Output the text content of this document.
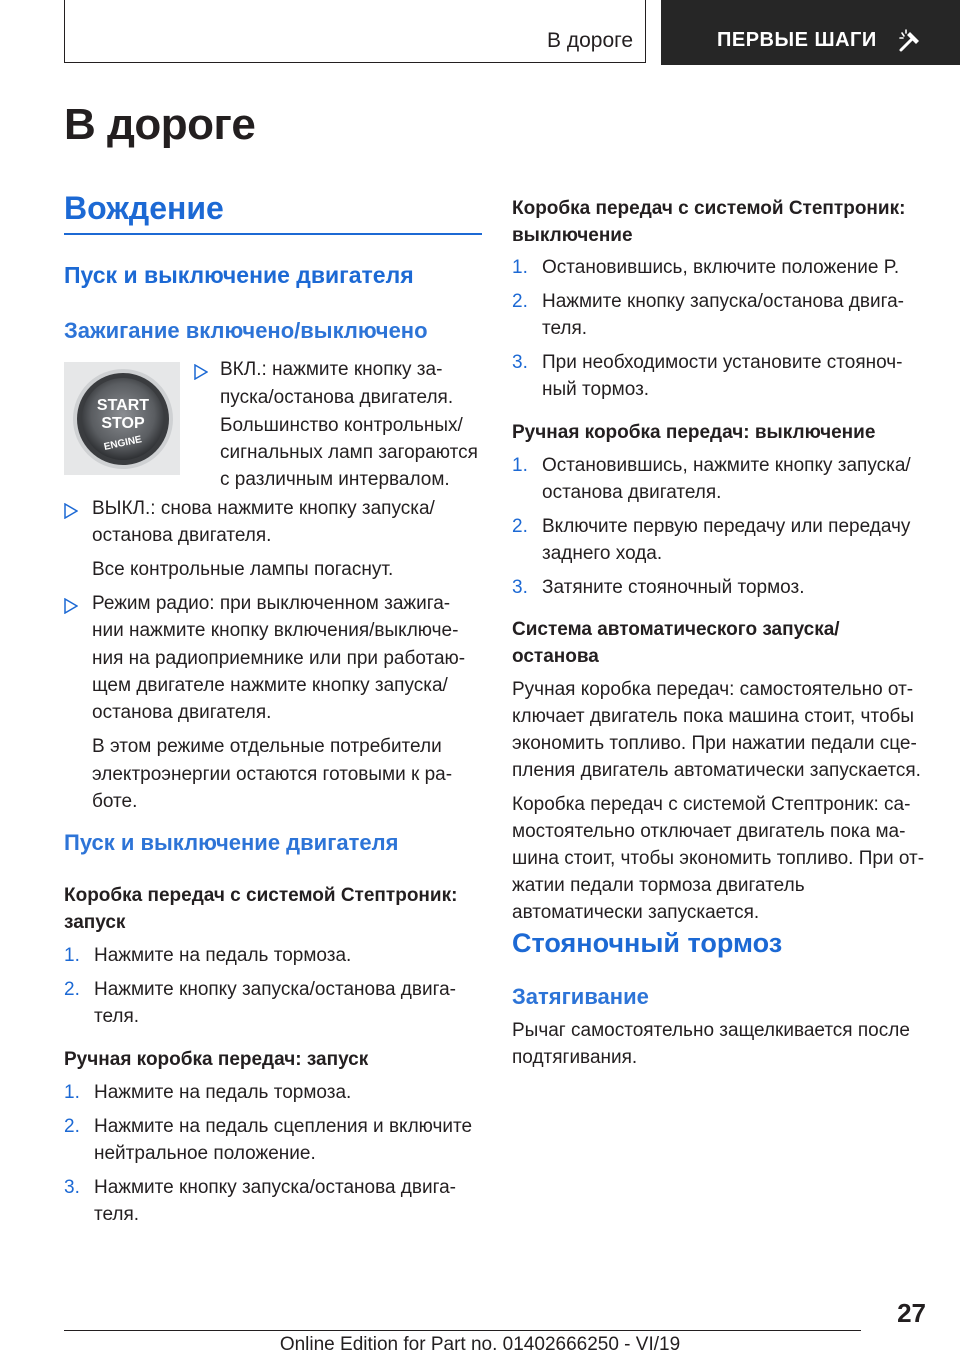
В дороге	ПЕРВЫЕ ШАГИ
В дороге
Вождение
Пуск и выключение двигателя
Зажигание включено/выключено
START
STOP
ENGINE

ВКЛ.: нажмите кнопку за-

пуска/останова двигателя.

Большинство контрольных/

сигнальных ламп загораются

с различным интервалом.

ВЫКЛ.: снова нажмите кнопку запуска/

останова двигателя.

Все контрольные лампы погаснут.

Режим радио: при выключенном зажига-

нии нажмите кнопку включения/выключе-

ния на радиоприемнике или при работаю-

щем двигателе нажмите кнопку запуска/

останова двигателя.

В этом режиме отдельные потребители

электроэнергии остаются готовыми к ра-

боте.

Пуск и выключение двигателя

Коробка передач с системой Стептроник:

запуск

1. Нажмите на педаль тормоза.

2. Нажмите кнопку запуска/останова двига-

теля.

Ручная коробка передач: запуск

1. Нажмите на педаль тормоза.

2. Нажмите на педаль сцепления и включите

нейтральное положение.

3. Нажмите кнопку запуска/останова двига-

теля.

Коробка передач с системой Стептроник:

выключение

1. Остановившись, включите положение P.

2. Нажмите кнопку запуска/останова двига-

теля.

3. При необходимости установите стояноч-

ный тормоз.

Ручная коробка передач: выключение

1. Остановившись, нажмите кнопку запуска/

останова двигателя.

2. Включите первую передачу или передачу

заднего хода.

3. Затяните стояночный тормоз.

Система автоматического запуска/

останова

Ручная коробка передач: самостоятельно от-

ключает двигатель пока машина стоит, чтобы

экономить топливо. При нажатии педали сце-

пления двигатель автоматически запускается.

Коробка передач с системой Стептроник: са-

мостоятельно отключает двигатель пока ма-

шина стоит, чтобы экономить топливо. При от-

жатии педали тормоза двигатель

автоматически запускается.

Стояночный тормоз
Затягивание

Рычаг самостоятельно защелкивается после

подтягивания.

27
Online Edition for Part no. 01402666250 - VI/19
